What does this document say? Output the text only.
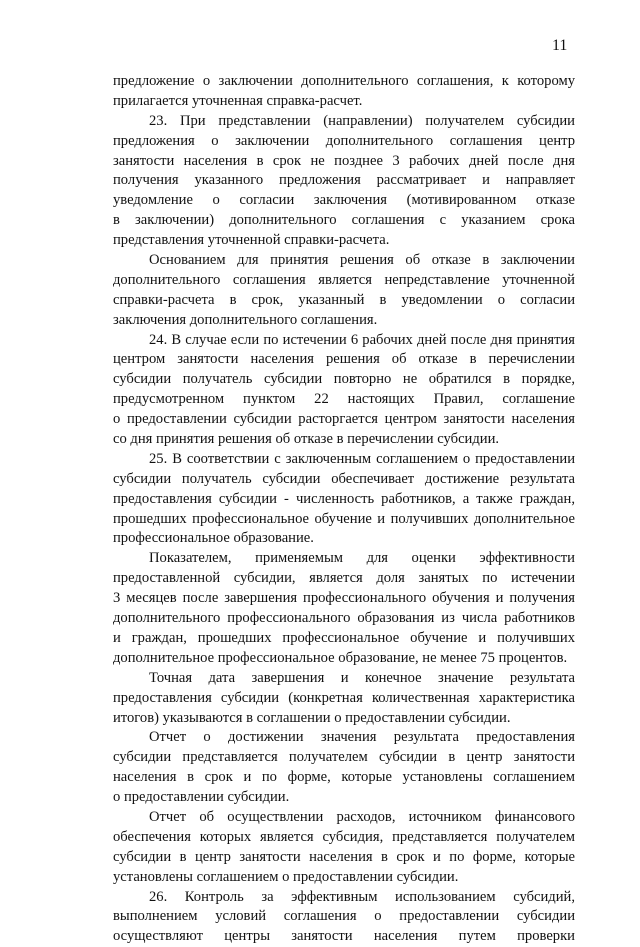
11
предложение о заключении дополнительного соглашения, к которому
прилагается уточненная справка-расчет.
23. При представлении (направлении) получателем субсидии
предложения о заключении дополнительного соглашения центр
занятости населения в срок не позднее 3 рабочих дней после дня
получения указанного предложения рассматривает и направляет
уведомление о согласии заключения (мотивированном отказе
в заключении) дополнительного соглашения с указанием срока
представления уточненной справки-расчета.
Основанием для принятия решения об отказе в заключении
дополнительного соглашения является непредставление уточненной
справки-расчета в срок, указанный в уведомлении о согласии
заключения дополнительного соглашения.
24. В случае если по истечении 6 рабочих дней после дня принятия
центром занятости населения решения об отказе в перечислении
субсидии получатель субсидии повторно не обратился в порядке,
предусмотренном пунктом 22 настоящих Правил, соглашение
о предоставлении субсидии расторгается центром занятости населения
со дня принятия решения об отказе в перечислении субсидии.
25. В соответствии с заключенным соглашением о предоставлении
субсидии получатель субсидии обеспечивает достижение результата
предоставления субсидии - численность работников, а также граждан,
прошедших профессиональное обучение и получивших дополнительное
профессиональное образование.
Показателем, применяемым для оценки эффективности
предоставленной субсидии, является доля занятых по истечении
3 месяцев после завершения профессионального обучения и получения
дополнительного профессионального образования из числа работников
и граждан, прошедших профессиональное обучение и получивших
дополнительное профессиональное образование, не менее 75 процентов.
Точная дата завершения и конечное значение результата
предоставления субсидии (конкретная количественная характеристика
итогов) указываются в соглашении о предоставлении субсидии.
Отчет о достижении значения результата предоставления
субсидии представляется получателем субсидии в центр занятости
населения в срок и по форме, которые установлены соглашением
о предоставлении субсидии.
Отчет об осуществлении расходов, источником финансового
обеспечения которых является субсидия, представляется получателем
субсидии в центр занятости населения в срок и по форме, которые
установлены соглашением о предоставлении субсидии.
26. Контроль за эффективным использованием субсидий,
выполнением условий соглашения о предоставлении субсидии
осуществляют центры занятости населения путем проверки
